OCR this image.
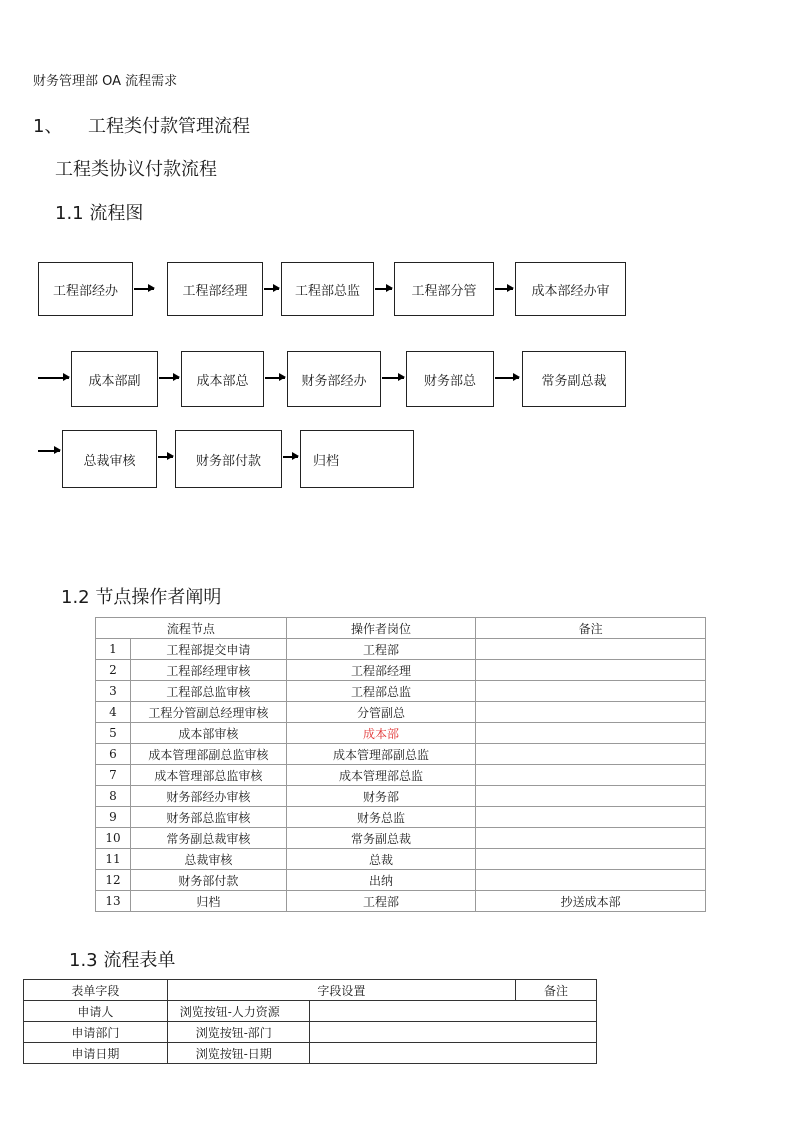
财务管理部 OA 流程需求
1、 工程类付款管理流程
工程类协议付款流程
1.1 流程图
工程部经办	工程部经理	工程部总监	工程部分管	成本部经办审
成本部副	成本部总	财务部经办	财务部总	常务副总裁
总裁审核	财务部付款	归档
1.2 节点操作者阐明
流程节点		操作者岗位	备注
1	工程部提交申请	工程部	
2	工程部经理审核	工程部经理	
3	工程部总监审核	工程部总监	
4	工程分管副总经理审核	分管副总	
5	成本部审核	成本部	
6	成本管理部副总监审核	成本管理部副总监	
7	成本管理部总监审核	成本管理部总监	
8	财务部经办审核	财务部	
9	财务部总监审核	财务总监	
10	常务副总裁审核	常务副总裁	
11	总裁审核	总裁	
12	财务部付款	出纳	
13	归档	工程部	抄送成本部
1.3 流程表单
表单字段	字段设置		备注
申请人	浏览按钮-人力资源		
申请部门	浏览按钮-部门		
申请日期	浏览按钮-日期		
